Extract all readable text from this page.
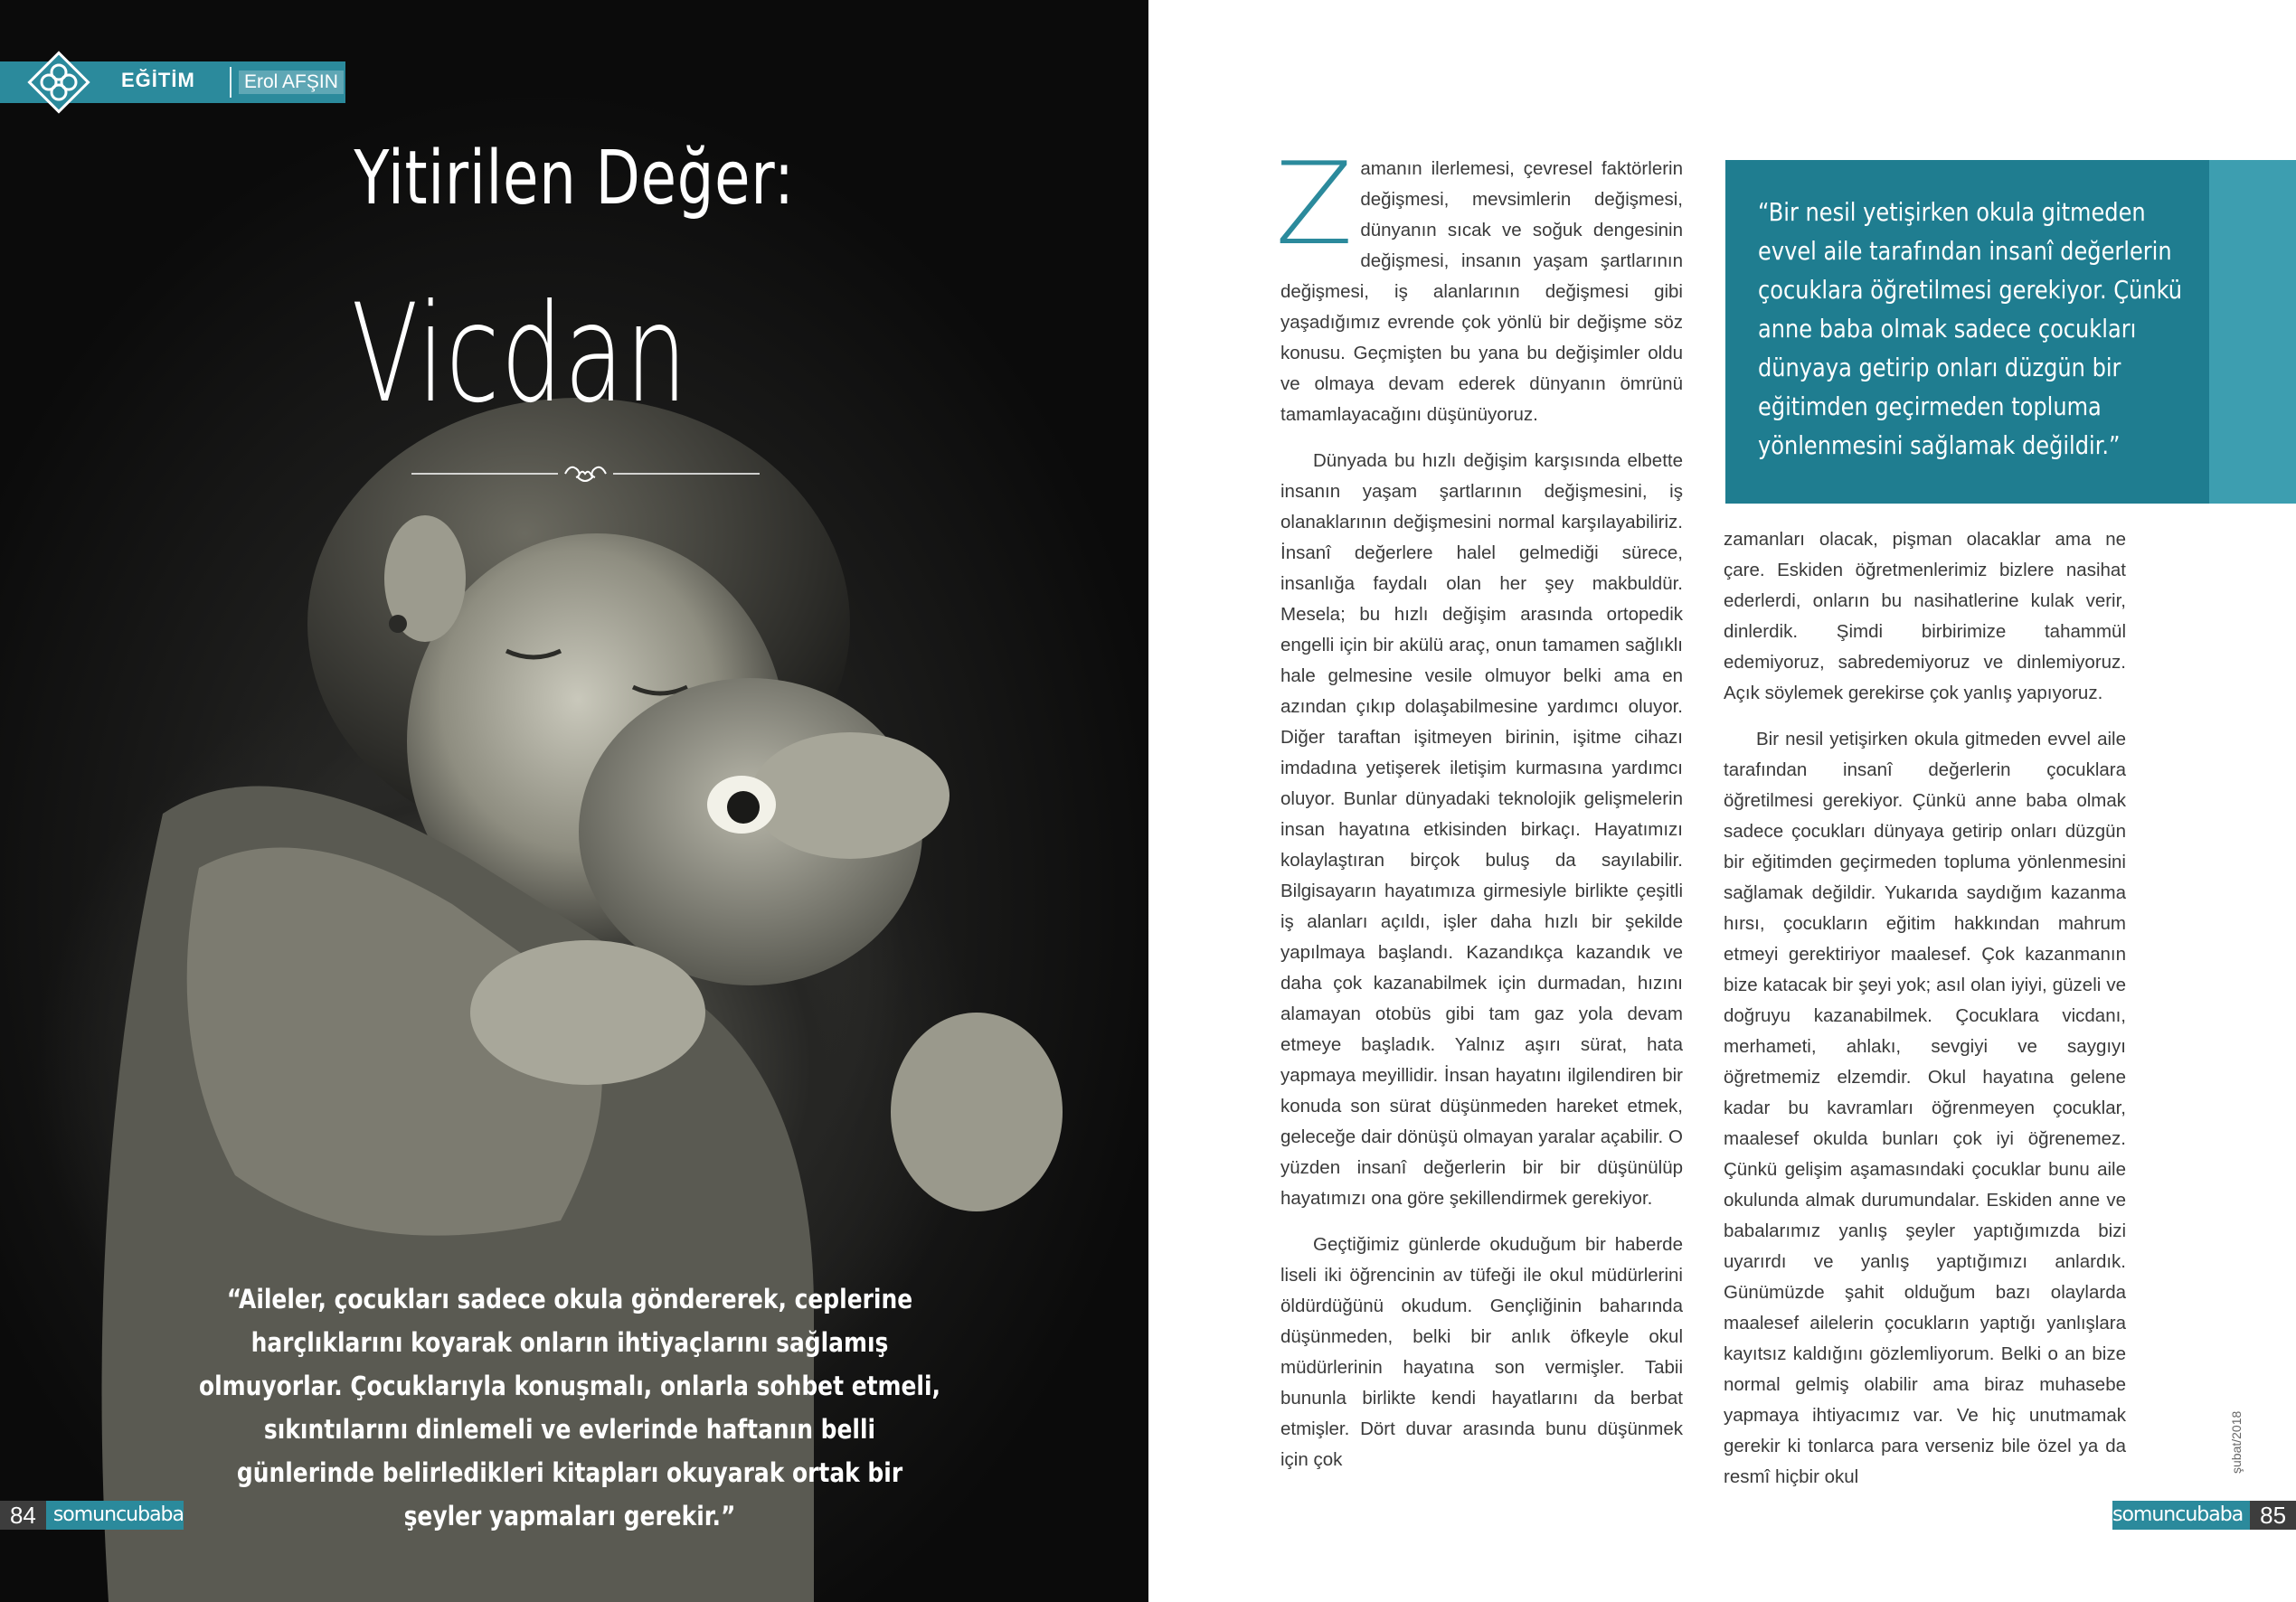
EĞİTİM	Erol AFŞIN
Yitirilen Değer:
Vicdan

“Aileler, çocukları sadece okula göndererek, ceplerine harçlıklarını koyarak onların ihtiyaçlarını sağlamış olmuyorlar. Çocuklarıyla konuşmalı, onlarla sohbet etmeli, sıkıntılarını dinlemeli ve evlerinde haftanın belli günlerinde belirledikleri kitapları okuyarak ortak bir şeyler yapmaları gerekir.”

84 somuncubaba

Zamanın ilerlemesi, çevresel faktörlerin değişmesi, mevsimlerin değişmesi, dünyanın sıcak ve soğuk dengesinin değişmesi, insanın yaşam şartlarının değişmesi, iş alanlarının değişmesi gibi yaşadığımız evrende çok yönlü bir değişme söz konusu. Geçmişten bu yana bu değişimler oldu ve olmaya devam ederek dünyanın ömrünü tamamlayacağını düşünüyoruz.

Dünyada bu hızlı değişim karşısında elbette insanın yaşam şartlarının değişmesini, iş olanaklarının değişmesini normal karşılayabiliriz. İnsanî değerlere halel gelmediği sürece, insanlığa faydalı olan her şey makbuldür. Mesela; bu hızlı değişim arasında ortopedik engelli için bir akülü araç, onun tamamen sağlıklı hale gelmesine vesile olmuyor belki ama en azından çıkıp dolaşabilmesine yardımcı oluyor. Diğer taraftan işitmeyen birinin, işitme cihazı imdadına yetişerek iletişim kurmasına yardımcı oluyor. Bunlar dünyadaki teknolojik gelişmelerin insan hayatına etkisinden birkaçı. Hayatımızı kolaylaştıran birçok buluş da sayılabilir. Bilgisayarın hayatımıza girmesiyle birlikte çeşitli iş alanları açıldı, işler daha hızlı bir şekilde yapılmaya başlandı. Kazandıkça kazandık ve daha çok kazanabilmek için durmadan, hızını alamayan otobüs gibi tam gaz yola devam etmeye başladık. Yalnız aşırı sürat, hata yapmaya meyillidir. İnsan hayatını ilgilendiren bir konuda son sürat düşünmeden hareket etmek, geleceğe dair dönüşü olmayan yaralar açabilir. O yüzden insanî değerlerin bir bir düşünülüp hayatımızı ona göre şekillendirmek gerekiyor.

Geçtiğimiz günlerde okuduğum bir haberde liseli iki öğrencinin av tüfeği ile okul müdürlerini öldürdüğünü okudum. Gençliğinin baharında düşünmeden, belki bir anlık öfkeyle okul müdürlerinin hayatına son vermişler. Tabii bununla birlikte kendi hayatlarını da berbat etmişler. Dört duvar arasında bunu düşünmek için çok

“Bir nesil yetişirken okula gitmeden evvel aile tarafından insanî değerlerin çocuklara öğretilmesi gerekiyor. Çünkü anne baba olmak sadece çocukları dünyaya getirip onları düzgün bir eğitimden geçirmeden topluma yönlenmesini sağlamak değildir.”

zamanları olacak, pişman olacaklar ama ne çare. Eskiden öğretmenlerimiz bizlere nasihat ederlerdi, onların bu nasihatlerine kulak verir, dinlerdik. Şimdi birbirimize tahammül edemiyoruz, sabredemiyoruz ve dinlemiyoruz. Açık söylemek gerekirse çok yanlış yapıyoruz.

Bir nesil yetişirken okula gitmeden evvel aile tarafından insanî değerlerin çocuklara öğretilmesi gerekiyor. Çünkü anne baba olmak sadece çocukları dünyaya getirip onları düzgün bir eğitimden geçirmeden topluma yönlenmesini sağlamak değildir. Yukarıda saydığım kazanma hırsı, çocukların eğitim hakkından mahrum etmeyi gerektiriyor maalesef. Çok kazanmanın bize katacak bir şeyi yok; asıl olan iyiyi, güzeli ve doğruyu kazanabilmek. Çocuklara vicdanı, merhameti, ahlakı, sevgiyi ve saygıyı öğretmemiz elzemdir. Okul hayatına gelene kadar bu kavramları öğrenmeyen çocuklar, maalesef okulda bunları çok iyi öğrenemez. Çünkü gelişim aşamasındaki çocuklar bunu aile okulunda almak durumundalar. Eskiden anne ve babalarımız yanlış şeyler yaptığımızda bizi uyarırdı ve yanlış yaptığımızı anlardık. Günümüzde şahit olduğum bazı olaylarda maalesef ailelerin çocukların yaptığı yanlışlara kayıtsız kaldığını gözlemliyorum. Belki o an bize normal gelmiş olabilir ama biraz muhasebe yapmaya ihtiyacımız var. Ve hiç unutmamak gerekir ki tonlarca para verseniz bile özel ya da resmî hiçbir okul

şubat/2018
somuncubaba 85
